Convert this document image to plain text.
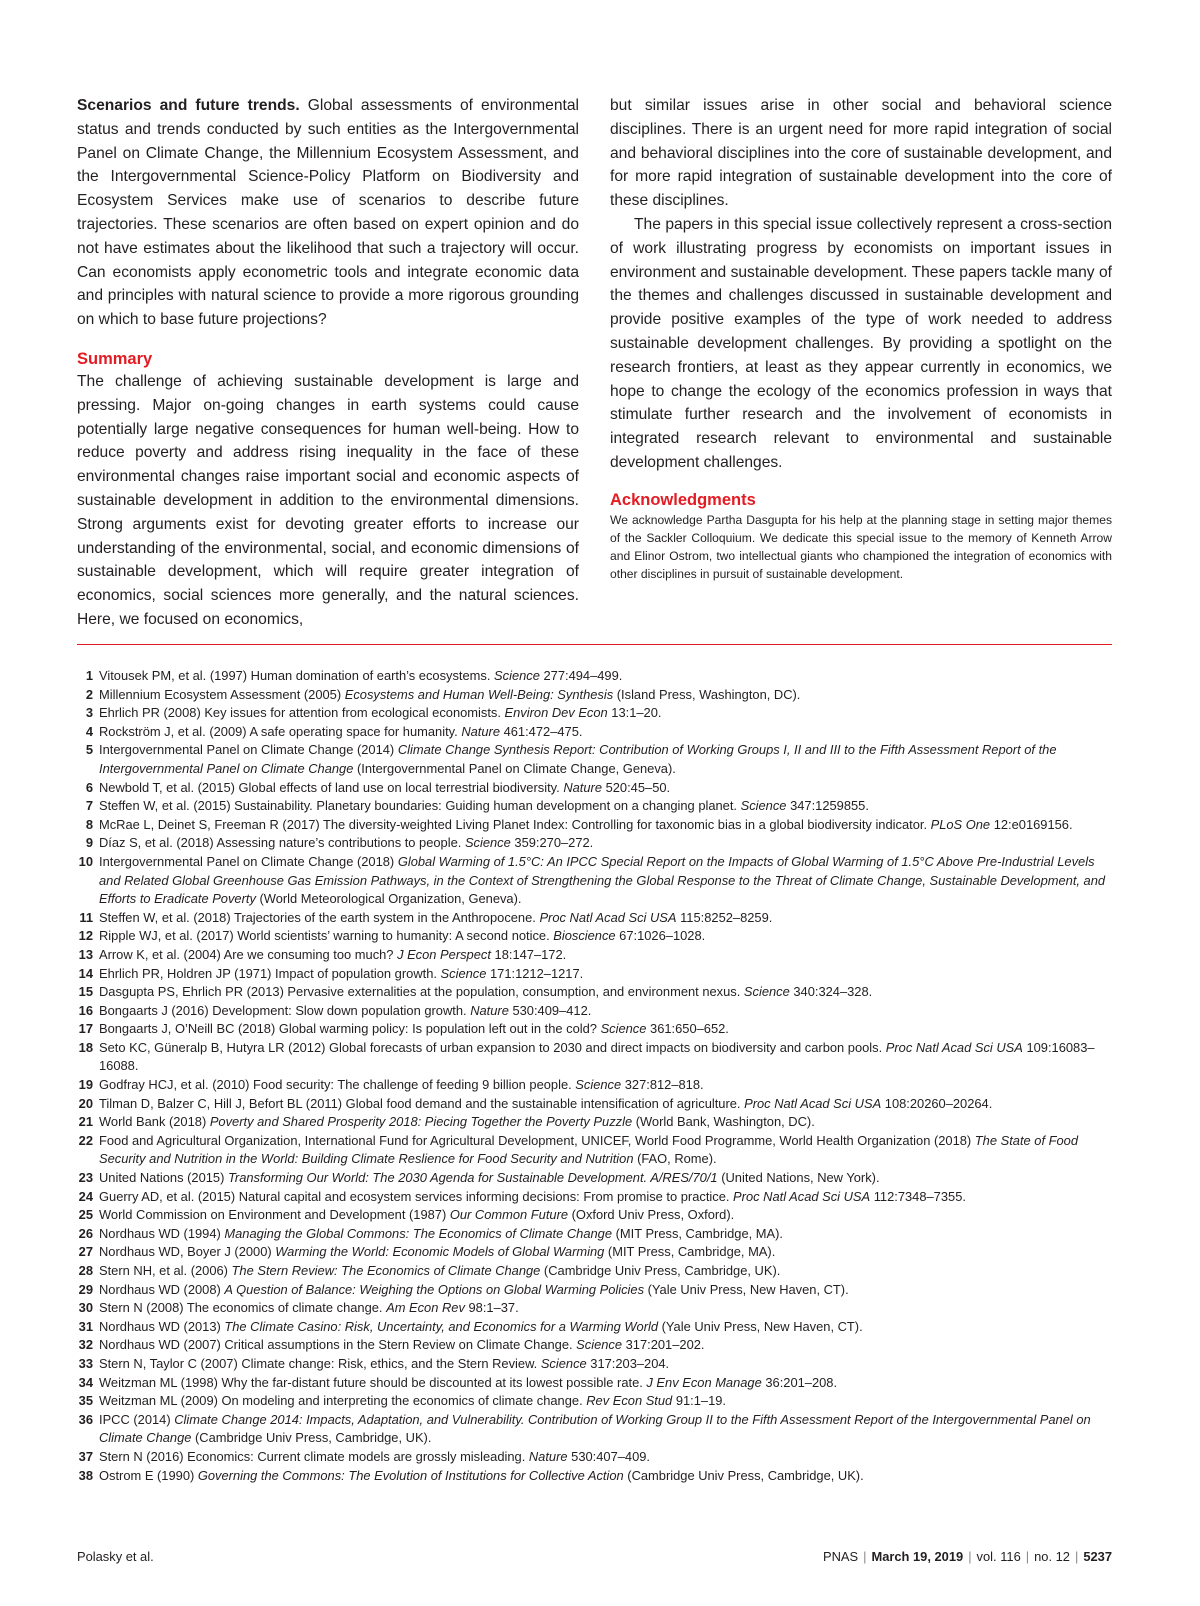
Scenarios and future trends. Global assessments of environmental status and trends conducted by such entities as the Intergovernmental Panel on Climate Change, the Millennium Ecosystem Assessment, and the Intergovernmental Science-Policy Platform on Biodiversity and Ecosystem Services make use of scenarios to describe future trajectories. These scenarios are often based on expert opinion and do not have estimates about the likelihood that such a trajectory will occur. Can economists apply econometric tools and integrate economic data and principles with natural science to provide a more rigorous grounding on which to base future projections?

Summary

The challenge of achieving sustainable development is large and pressing. Major on-going changes in earth systems could cause potentially large negative consequences for human well-being. How to reduce poverty and address rising inequality in the face of these environmental changes raise important social and economic aspects of sustainable development in addition to the environmental dimensions. Strong arguments exist for devoting greater efforts to increase our understanding of the environmental, social, and economic dimensions of sustainable development, which will require greater integration of economics, social sciences more generally, and the natural sciences. Here, we focused on economics,

but similar issues arise in other social and behavioral science disciplines. There is an urgent need for more rapid integration of social and behavioral disciplines into the core of sustainable development, and for more rapid integration of sustainable development into the core of these disciplines.

The papers in this special issue collectively represent a cross-section of work illustrating progress by economists on important issues in environment and sustainable development. These papers tackle many of the themes and challenges discussed in sustainable development and provide positive examples of the type of work needed to address sustainable development challenges. By providing a spotlight on the research frontiers, at least as they appear currently in economics, we hope to change the ecology of the economics profession in ways that stimulate further research and the involvement of economists in integrated research relevant to environmental and sustainable development challenges.

Acknowledgments

We acknowledge Partha Dasgupta for his help at the planning stage in setting major themes of the Sackler Colloquium. We dedicate this special issue to the memory of Kenneth Arrow and Elinor Ostrom, two intellectual giants who championed the integration of economics with other disciplines in pursuit of sustainable development.

1 Vitousek PM, et al. (1997) Human domination of earth’s ecosystems. Science 277:494–499.
2 Millennium Ecosystem Assessment (2005) Ecosystems and Human Well-Being: Synthesis (Island Press, Washington, DC).
3 Ehrlich PR (2008) Key issues for attention from ecological economists. Environ Dev Econ 13:1–20.
4 Rockström J, et al. (2009) A safe operating space for humanity. Nature 461:472–475.
5 Intergovernmental Panel on Climate Change (2014) Climate Change Synthesis Report: Contribution of Working Groups I, II and III to the Fifth Assessment Report of the Intergovernmental Panel on Climate Change (Intergovernmental Panel on Climate Change, Geneva).
6 Newbold T, et al. (2015) Global effects of land use on local terrestrial biodiversity. Nature 520:45–50.
7 Steffen W, et al. (2015) Sustainability. Planetary boundaries: Guiding human development on a changing planet. Science 347:1259855.
8 McRae L, Deinet S, Freeman R (2017) The diversity-weighted Living Planet Index: Controlling for taxonomic bias in a global biodiversity indicator. PLoS One 12:e0169156.
9 Díaz S, et al. (2018) Assessing nature’s contributions to people. Science 359:270–272.
10 Intergovernmental Panel on Climate Change (2018) Global Warming of 1.5°C: An IPCC Special Report on the Impacts of Global Warming of 1.5°C Above Pre-Industrial Levels and Related Global Greenhouse Gas Emission Pathways, in the Context of Strengthening the Global Response to the Threat of Climate Change, Sustainable Development, and Efforts to Eradicate Poverty (World Meteorological Organization, Geneva).
11 Steffen W, et al. (2018) Trajectories of the earth system in the Anthropocene. Proc Natl Acad Sci USA 115:8252–8259.
12 Ripple WJ, et al. (2017) World scientists’ warning to humanity: A second notice. Bioscience 67:1026–1028.
13 Arrow K, et al. (2004) Are we consuming too much? J Econ Perspect 18:147–172.
14 Ehrlich PR, Holdren JP (1971) Impact of population growth. Science 171:1212–1217.
15 Dasgupta PS, Ehrlich PR (2013) Pervasive externalities at the population, consumption, and environment nexus. Science 340:324–328.
16 Bongaarts J (2016) Development: Slow down population growth. Nature 530:409–412.
17 Bongaarts J, O’Neill BC (2018) Global warming policy: Is population left out in the cold? Science 361:650–652.
18 Seto KC, Güneralp B, Hutyra LR (2012) Global forecasts of urban expansion to 2030 and direct impacts on biodiversity and carbon pools. Proc Natl Acad Sci USA 109:16083–16088.
19 Godfray HCJ, et al. (2010) Food security: The challenge of feeding 9 billion people. Science 327:812–818.
20 Tilman D, Balzer C, Hill J, Befort BL (2011) Global food demand and the sustainable intensification of agriculture. Proc Natl Acad Sci USA 108:20260–20264.
21 World Bank (2018) Poverty and Shared Prosperity 2018: Piecing Together the Poverty Puzzle (World Bank, Washington, DC).
22 Food and Agricultural Organization, International Fund for Agricultural Development, UNICEF, World Food Programme, World Health Organization (2018) The State of Food Security and Nutrition in the World: Building Climate Reslience for Food Security and Nutrition (FAO, Rome).
23 United Nations (2015) Transforming Our World: The 2030 Agenda for Sustainable Development. A/RES/70/1 (United Nations, New York).
24 Guerry AD, et al. (2015) Natural capital and ecosystem services informing decisions: From promise to practice. Proc Natl Acad Sci USA 112:7348–7355.
25 World Commission on Environment and Development (1987) Our Common Future (Oxford Univ Press, Oxford).
26 Nordhaus WD (1994) Managing the Global Commons: The Economics of Climate Change (MIT Press, Cambridge, MA).
27 Nordhaus WD, Boyer J (2000) Warming the World: Economic Models of Global Warming (MIT Press, Cambridge, MA).
28 Stern NH, et al. (2006) The Stern Review: The Economics of Climate Change (Cambridge Univ Press, Cambridge, UK).
29 Nordhaus WD (2008) A Question of Balance: Weighing the Options on Global Warming Policies (Yale Univ Press, New Haven, CT).
30 Stern N (2008) The economics of climate change. Am Econ Rev 98:1–37.
31 Nordhaus WD (2013) The Climate Casino: Risk, Uncertainty, and Economics for a Warming World (Yale Univ Press, New Haven, CT).
32 Nordhaus WD (2007) Critical assumptions in the Stern Review on Climate Change. Science 317:201–202.
33 Stern N, Taylor C (2007) Climate change: Risk, ethics, and the Stern Review. Science 317:203–204.
34 Weitzman ML (1998) Why the far-distant future should be discounted at its lowest possible rate. J Env Econ Manage 36:201–208.
35 Weitzman ML (2009) On modeling and interpreting the economics of climate change. Rev Econ Stud 91:1–19.
36 IPCC (2014) Climate Change 2014: Impacts, Adaptation, and Vulnerability. Contribution of Working Group II to the Fifth Assessment Report of the Intergovernmental Panel on Climate Change (Cambridge Univ Press, Cambridge, UK).
37 Stern N (2016) Economics: Current climate models are grossly misleading. Nature 530:407–409.
38 Ostrom E (1990) Governing the Commons: The Evolution of Institutions for Collective Action (Cambridge Univ Press, Cambridge, UK).
Polasky et al.	PNAS | March 19, 2019 | vol. 116 | no. 12 | 5237
